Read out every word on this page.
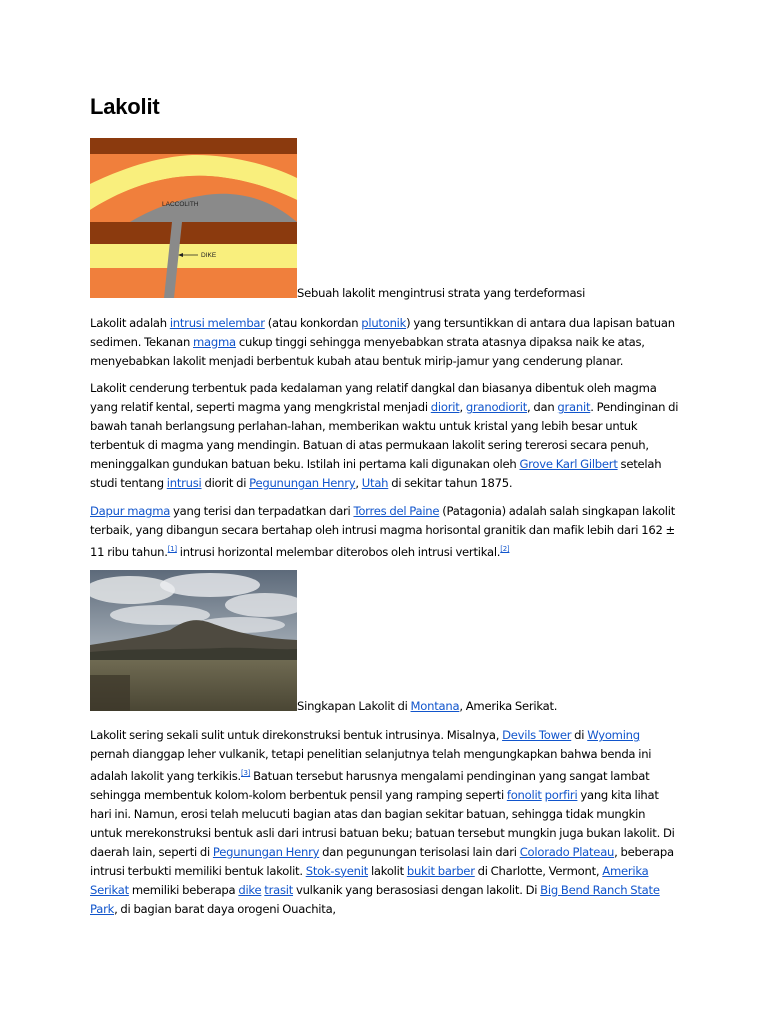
Lakolit
LACCOLITH
DIKE
Sebuah lakolit mengintrusi strata yang terdeformasi
Lakolit adalah intrusi melembar (atau konkordan plutonik) yang tersuntikkan di antara dua lapisan batuan sedimen. Tekanan magma cukup tinggi sehingga menyebabkan strata atasnya dipaksa naik ke atas, menyebabkan lakolit menjadi berbentuk kubah atau bentuk mirip-jamur yang cenderung planar.
Lakolit cenderung terbentuk pada kedalaman yang relatif dangkal dan biasanya dibentuk oleh magma yang relatif kental, seperti magma yang mengkristal menjadi diorit, granodiorit, dan granit. Pendinginan di bawah tanah berlangsung perlahan-lahan, memberikan waktu untuk kristal yang lebih besar untuk terbentuk di magma yang mendingin. Batuan di atas permukaan lakolit sering tererosi secara penuh, meninggalkan gundukan batuan beku. Istilah ini pertama kali digunakan oleh Grove Karl Gilbert setelah studi tentang intrusi diorit di Pegunungan Henry, Utah di sekitar tahun 1875.
Dapur magma yang terisi dan terpadatkan dari Torres del Paine (Patagonia) adalah salah singkapan lakolit terbaik, yang dibangun secara bertahap oleh intrusi magma horisontal granitik dan mafik lebih dari 162 ± 11 ribu tahun.[1] intrusi horizontal melembar diterobos oleh intrusi vertikal.[2]
Singkapan Lakolit di Montana, Amerika Serikat.
Lakolit sering sekali sulit untuk direkonstruksi bentuk intrusinya. Misalnya, Devils Tower di Wyoming pernah dianggap leher vulkanik, tetapi penelitian selanjutnya telah mengungkapkan bahwa benda ini adalah lakolit yang terkikis.[3] Batuan tersebut harusnya mengalami pendinginan yang sangat lambat sehingga membentuk kolom-kolom berbentuk pensil yang ramping seperti fonolit porfiri yang kita lihat hari ini. Namun, erosi telah melucuti bagian atas dan bagian sekitar batuan, sehingga tidak mungkin untuk merekonstruksi bentuk asli dari intrusi batuan beku; batuan tersebut mungkin juga bukan lakolit. Di daerah lain, seperti di Pegunungan Henry dan pegunungan terisolasi lain dari Colorado Plateau, beberapa intrusi terbukti memiliki bentuk lakolit. Stok-syenit lakolit bukit barber di Charlotte, Vermont, Amerika Serikat memiliki beberapa dike trasit vulkanik yang berasosiasi dengan lakolit. Di Big Bend Ranch State Park, di bagian barat daya orogeni Ouachita,
